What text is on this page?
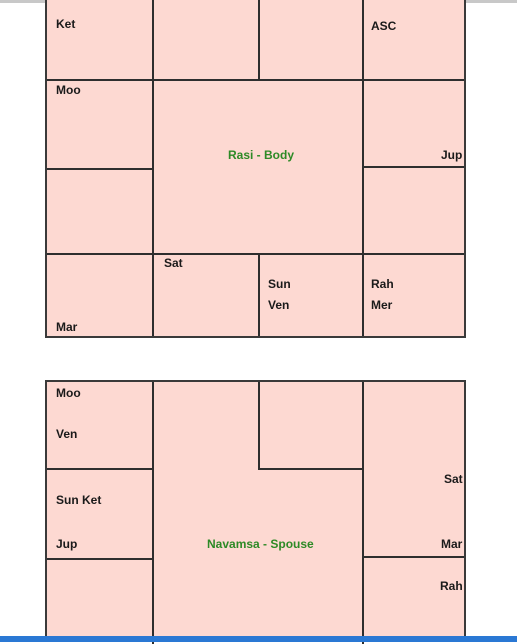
Ket	ASC
Moo
Rasi - Body	Jup
Sat
Sun
Ven
Rah
Mer
Mar
Moo
Ven
Sat
Sun Ket
Jup	Navamsa - Spouse	Mar
Rah
